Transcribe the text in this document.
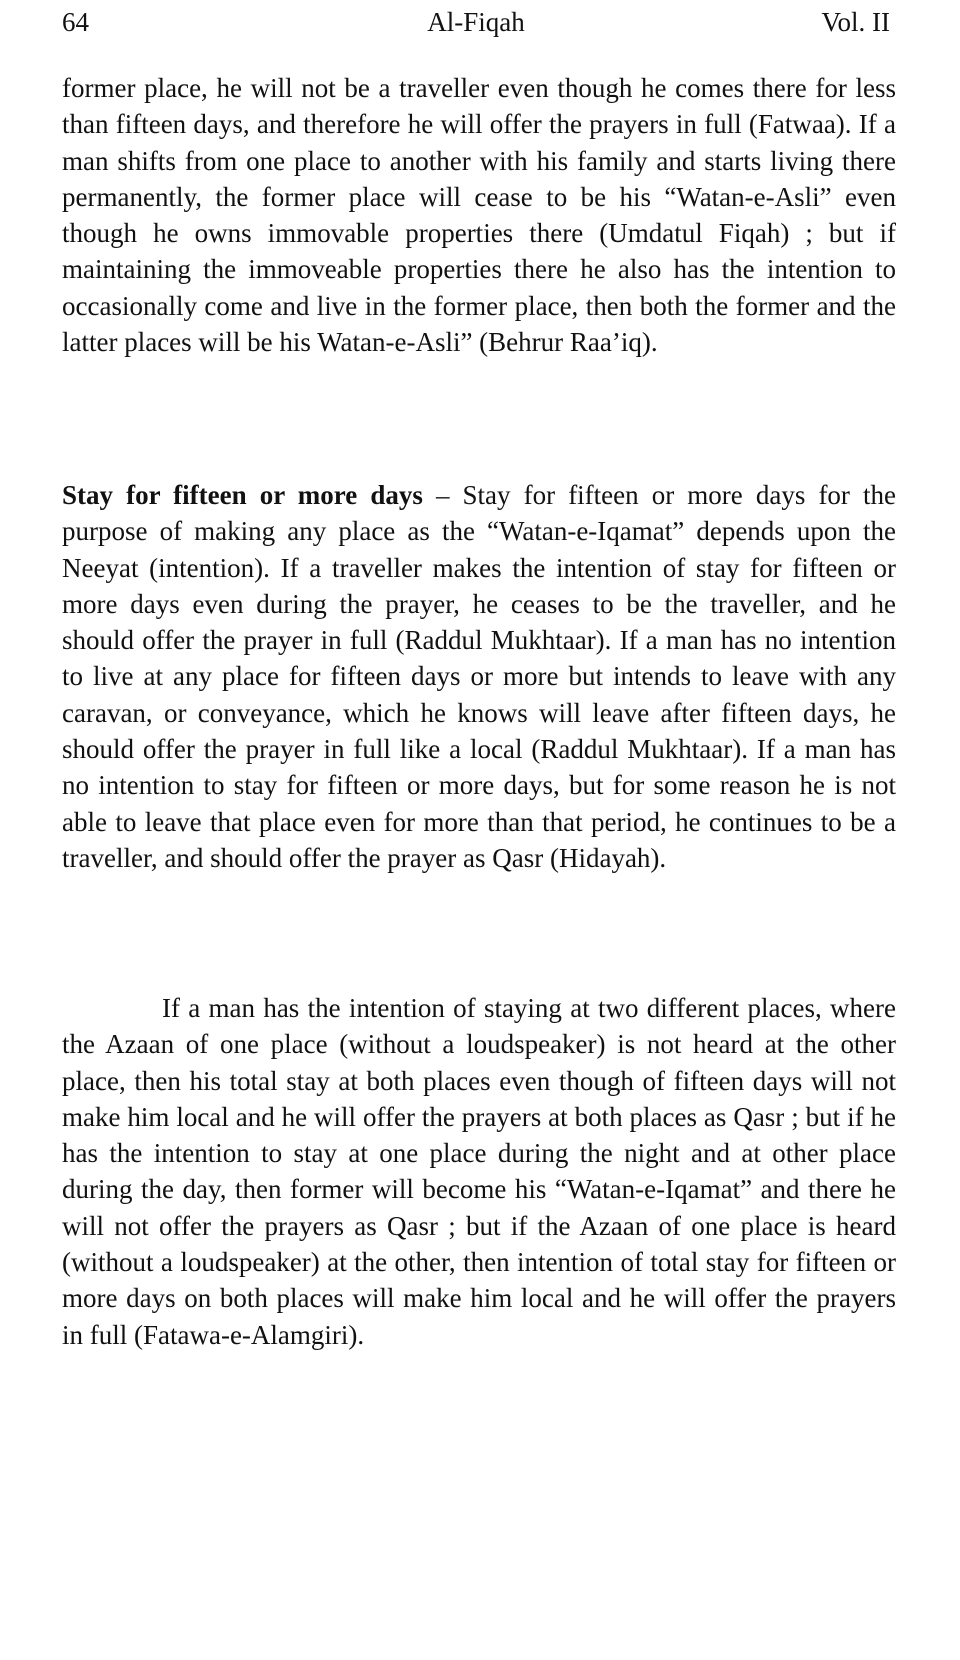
64	Al-Fiqah	Vol. II

former place, he will not be a traveller even though he comes there for less than fifteen days, and therefore he will offer the prayers in full (Fatwaa). If a man shifts from one place to another with his family and starts living there permanently, the former place will cease to be his “Watan-e-Asli” even though he owns immovable properties there (Umdatul Fiqah) ; but if maintaining the immoveable properties there he also has the intention to occasionally come and live in the former place, then both the former and the latter places will be his Watan-e-Asli” (Behrur Raa’iq).

Stay for fifteen or more days – Stay for fifteen or more days for the purpose of making any place as the “Watan-e-Iqamat” depends upon the Neeyat (intention). If a traveller makes the intention of stay for fifteen or more days even during the prayer, he ceases to be the traveller, and he should offer the prayer in full (Raddul Mukhtaar). If a man has no intention to live at any place for fifteen days or more but intends to leave with any caravan, or conveyance, which he knows will leave after fifteen days, he should offer the prayer in full like a local (Raddul Mukhtaar). If a man has no intention to stay for fifteen or more days, but for some reason he is not able to leave that place even for more than that period, he continues to be a traveller, and should offer the prayer as Qasr (Hidayah).

If a man has the intention of staying at two different places, where the Azaan of one place (without a loudspeaker) is not heard at the other place, then his total stay at both places even though of fifteen days will not make him local and he will offer the prayers at both places as Qasr ; but if he has the intention to stay at one place during the night and at other place during the day, then former will become his “Watan-e-Iqamat” and there he will not offer the prayers as Qasr ; but if the Azaan of one place is heard (without a loudspeaker) at the other, then intention of total stay for fifteen or more days on both places will make him local and he will offer the prayers in full (Fatawa-e-Alamgiri).
